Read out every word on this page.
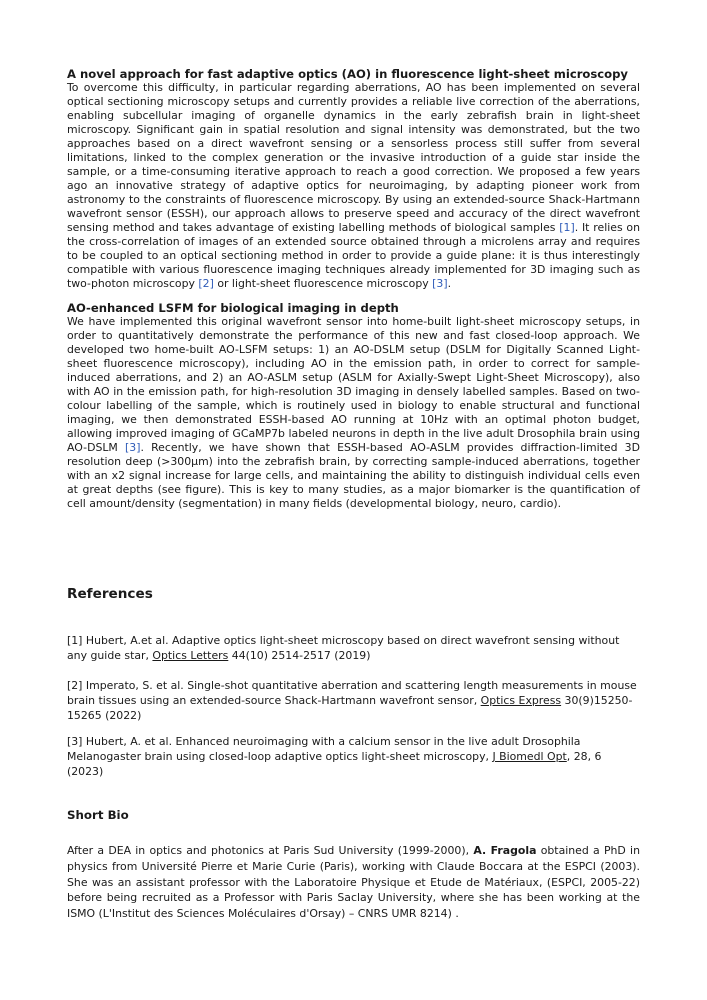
A novel approach for fast adaptive optics (AO) in fluorescence light-sheet microscopy

To overcome this difficulty, in particular regarding aberrations, AO has been implemented on several optical sectioning microscopy setups and currently provides a reliable live correction of the aberrations, enabling subcellular imaging of organelle dynamics in the early zebrafish brain in light-sheet microscopy. Significant gain in spatial resolution and signal intensity was demonstrated, but the two approaches based on a direct wavefront sensing or a sensorless process still suffer from several limitations, linked to the complex generation or the invasive introduction of a guide star inside the sample, or a time-consuming iterative approach to reach a good correction. We proposed a few years ago an innovative strategy of adaptive optics for neuroimaging, by adapting pioneer work from astronomy to the constraints of fluorescence microscopy. By using an extended-source Shack-Hartmann wavefront sensor (ESSH), our approach allows to preserve speed and accuracy of the direct wavefront sensing method and takes advantage of existing labelling methods of biological samples [1]. It relies on the cross-correlation of images of an extended source obtained through a microlens array and requires to be coupled to an optical sectioning method in order to provide a guide plane: it is thus interestingly compatible with various fluorescence imaging techniques already implemented for 3D imaging such as two-photon microscopy [2] or light-sheet fluorescence microscopy [3].

AO-enhanced LSFM for biological imaging in depth

We have implemented this original wavefront sensor into home-built light-sheet microscopy setups, in order to quantitatively demonstrate the performance of this new and fast closed-loop approach. We developed two home-built AO-LSFM setups: 1) an AO-DSLM setup (DSLM for Digitally Scanned Light-sheet fluorescence microscopy), including AO in the emission path, in order to correct for sample-induced aberrations, and 2) an AO-ASLM setup (ASLM for Axially-Swept Light-Sheet Microscopy), also with AO in the emission path, for high-resolution 3D imaging in densely labelled samples. Based on two-colour labelling of the sample, which is routinely used in biology to enable structural and functional imaging, we then demonstrated ESSH-based AO running at 10Hz with an optimal photon budget, allowing improved imaging of GCaMP7b labeled neurons in depth in the live adult Drosophila brain using AO-DSLM [3]. Recently, we have shown that ESSH-based AO-ASLM provides diffraction-limited 3D resolution deep (>300µm) into the zebrafish brain, by correcting sample-induced aberrations, together with an x2 signal increase for large cells, and maintaining the ability to distinguish individual cells even at great depths (see figure). This is key to many studies, as a major biomarker is the quantification of cell amount/density (segmentation) in many fields (developmental biology, neuro, cardio).

References

[1] Hubert, A.et al. Adaptive optics light-sheet microscopy based on direct wavefront sensing without any guide star, Optics Letters 44(10) 2514-2517 (2019)

[2] Imperato, S. et al. Single-shot quantitative aberration and scattering length measurements in mouse brain tissues using an extended-source Shack-Hartmann wavefront sensor, Optics Express 30(9)15250-15265 (2022)

[3] Hubert, A. et al. Enhanced neuroimaging with a calcium sensor in the live adult Drosophila Melanogaster brain using closed-loop adaptive optics light-sheet microscopy, J Biomedl Opt, 28, 6 (2023)

Short Bio

After a DEA in optics and photonics at Paris Sud University (1999-2000), A. Fragola obtained a PhD in physics from Université Pierre et Marie Curie (Paris), working with Claude Boccara at the ESPCI (2003). She was an assistant professor with the Laboratoire Physique et Etude de Matériaux, (ESPCI, 2005-22) before being recruited as a Professor with Paris Saclay University, where she has been working at the ISMO (L'Institut des Sciences Moléculaires d'Orsay) – CNRS UMR 8214) .
